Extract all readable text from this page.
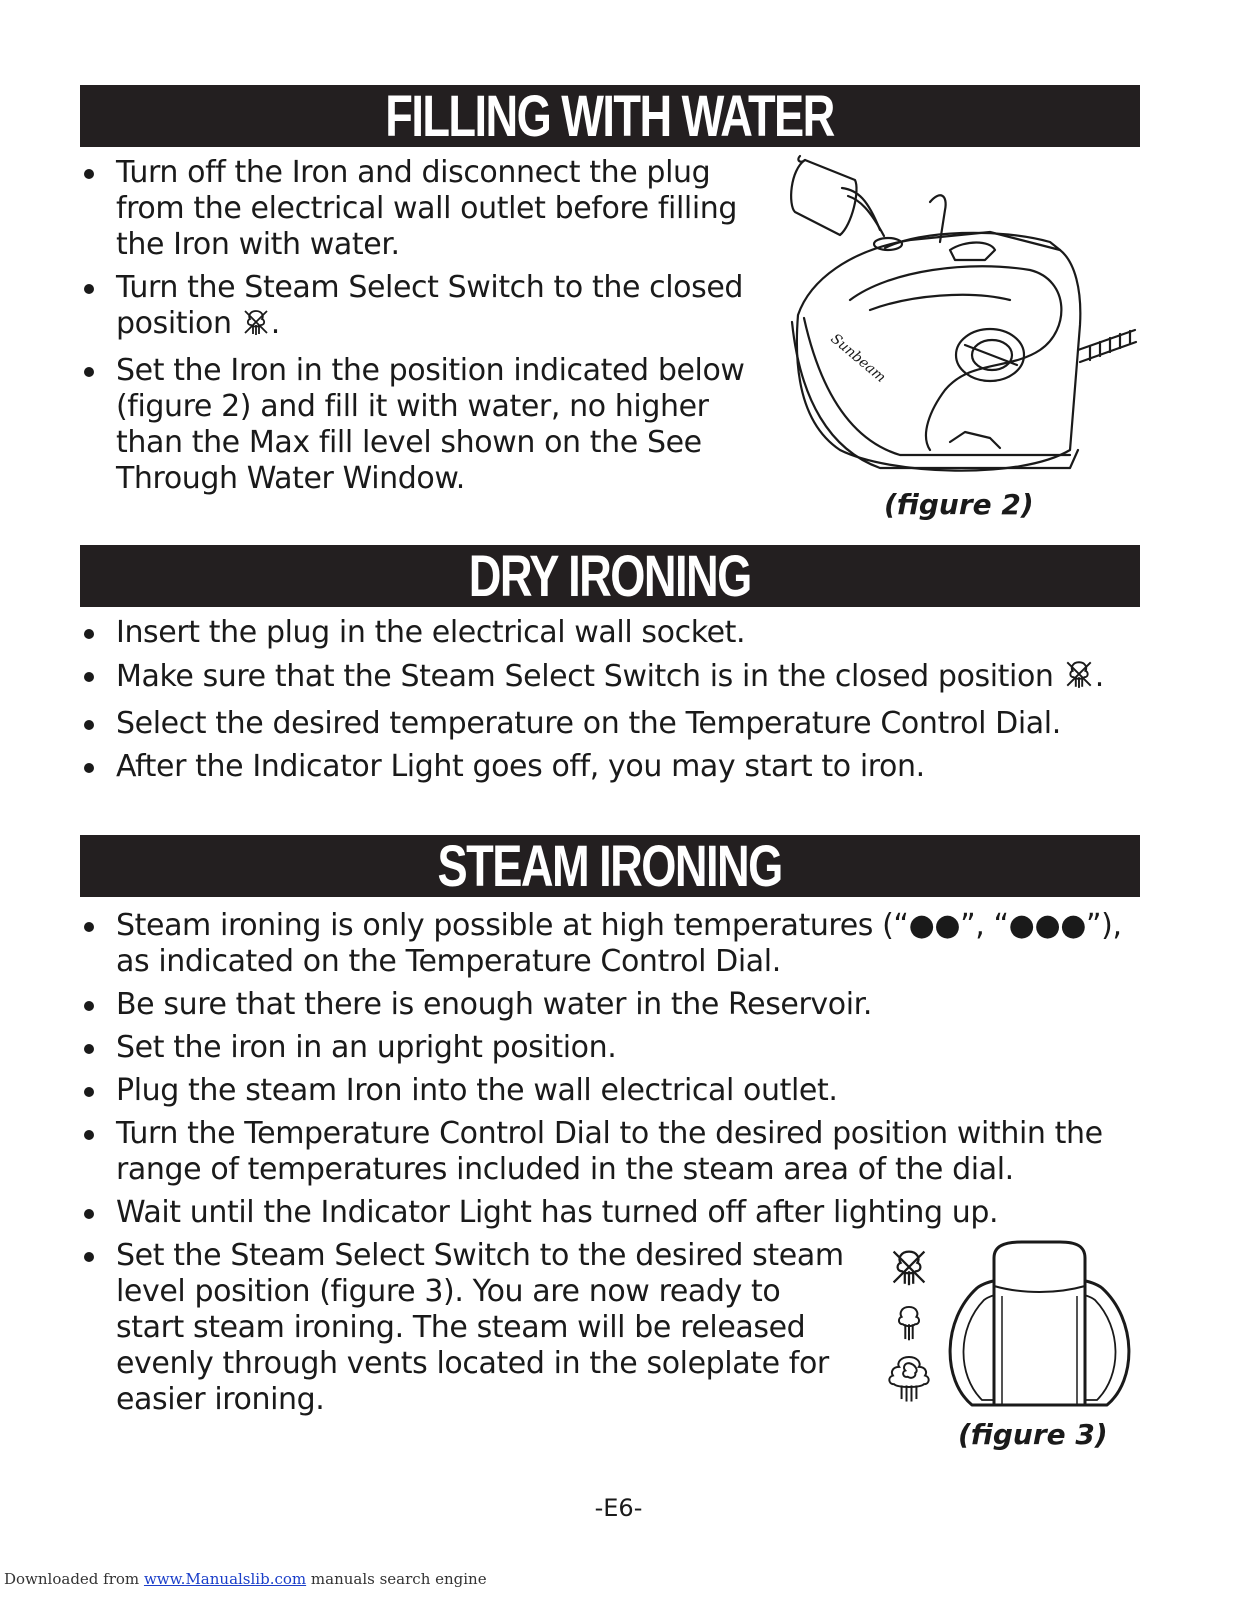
FILLING WITH WATER
Turn off the Iron and disconnect the plug from the electrical wall outlet before filling the Iron with water.
Turn the Steam Select Switch to the closed position .
Set the Iron in the position indicated below (figure 2) and fill it with water, no higher than the Max fill level shown on the See Through Water Window.
Sunbeam
(figure 2)
DRY IRONING
Insert the plug in the electrical wall socket.
Make sure that the Steam Select Switch is in the closed position .
Select the desired temperature on the Temperature Control Dial.
After the Indicator Light goes off, you may start to iron.
STEAM IRONING
Steam ironing is only possible at high temperatures (“●●”, “●●●”), as indicated on the Temperature Control Dial.
Be sure that there is enough water in the Reservoir.
Set the iron in an upright position.
Plug the steam Iron into the wall electrical outlet.
Turn the Temperature Control Dial to the desired position within the range of temperatures included in the steam area of the dial.
Wait until the Indicator Light has turned off after lighting up.
Set the Steam Select Switch to the desired steam level position (figure 3). You are now ready to start steam ironing. The steam will be released evenly through vents located in the soleplate for easier ironing.
(figure 3)
-E6-
Downloaded from www.Manualslib.com manuals search engine
